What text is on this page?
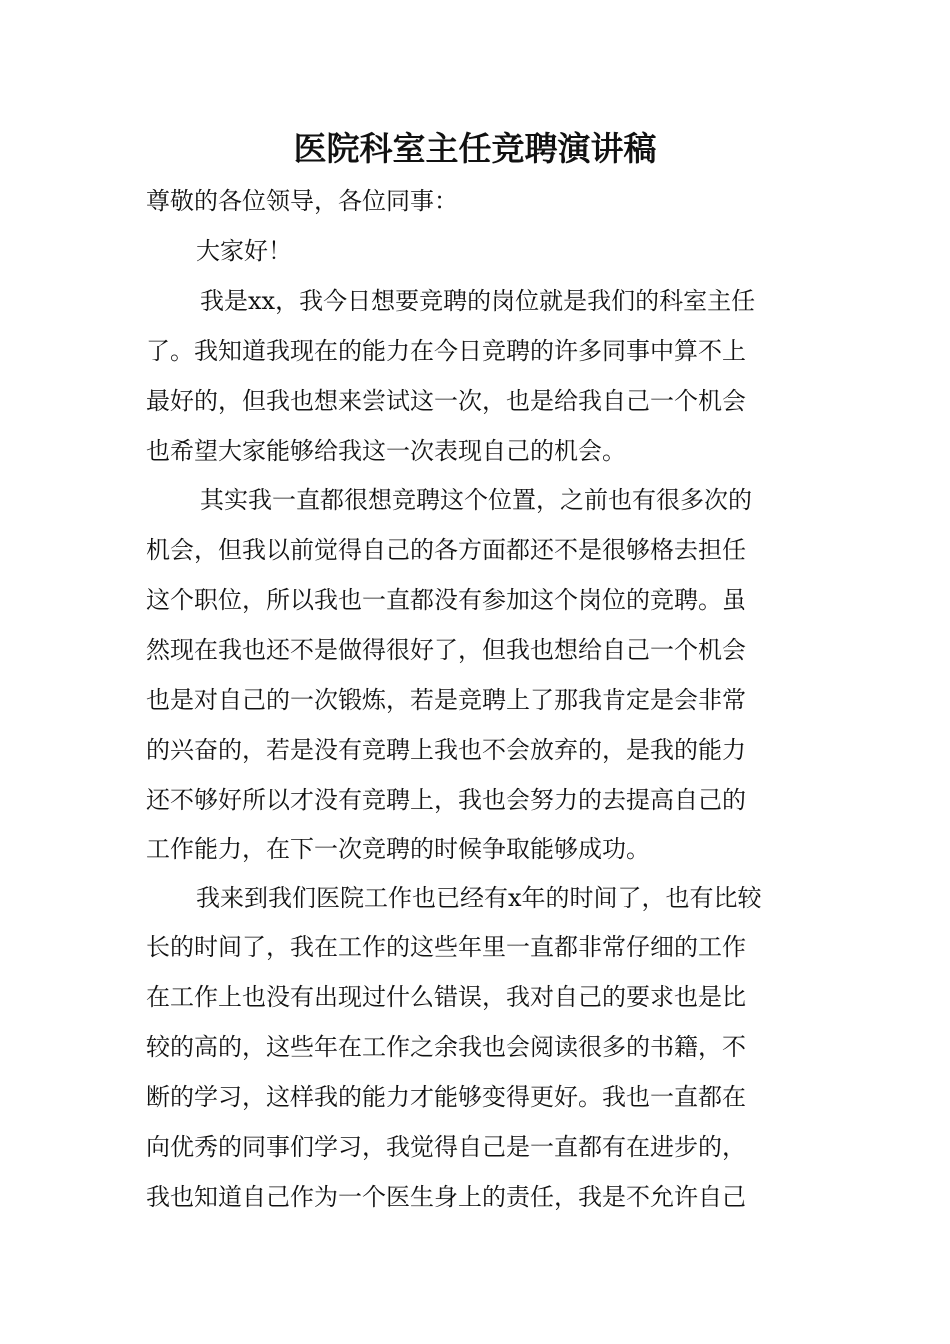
医院科室主任竞聘演讲稿

尊敬的各位领导，各位同事：

大家好！

我是xx，我今日想要竞聘的岗位就是我们的科室主任

了。我知道我现在的能力在今日竞聘的许多同事中算不上

最好的，但我也想来尝试这一次，也是给我自己一个机会

也希望大家能够给我这一次表现自己的机会。

其实我一直都很想竞聘这个位置，之前也有很多次的

机会，但我以前觉得自己的各方面都还不是很够格去担任

这个职位，所以我也一直都没有参加这个岗位的竞聘。虽

然现在我也还不是做得很好了，但我也想给自己一个机会

也是对自己的一次锻炼，若是竞聘上了那我肯定是会非常

的兴奋的，若是没有竞聘上我也不会放弃的，是我的能力

还不够好所以才没有竞聘上，我也会努力的去提高自己的

工作能力，在下一次竞聘的时候争取能够成功。

我来到我们医院工作也已经有x年的时间了，也有比较

长的时间了，我在工作的这些年里一直都非常仔细的工作

在工作上也没有出现过什么错误，我对自己的要求也是比

较的高的，这些年在工作之余我也会阅读很多的书籍，不

断的学习，这样我的能力才能够变得更好。我也一直都在

向优秀的同事们学习，我觉得自己是一直都有在进步的，

我也知道自己作为一个医生身上的责任，我是不允许自己
